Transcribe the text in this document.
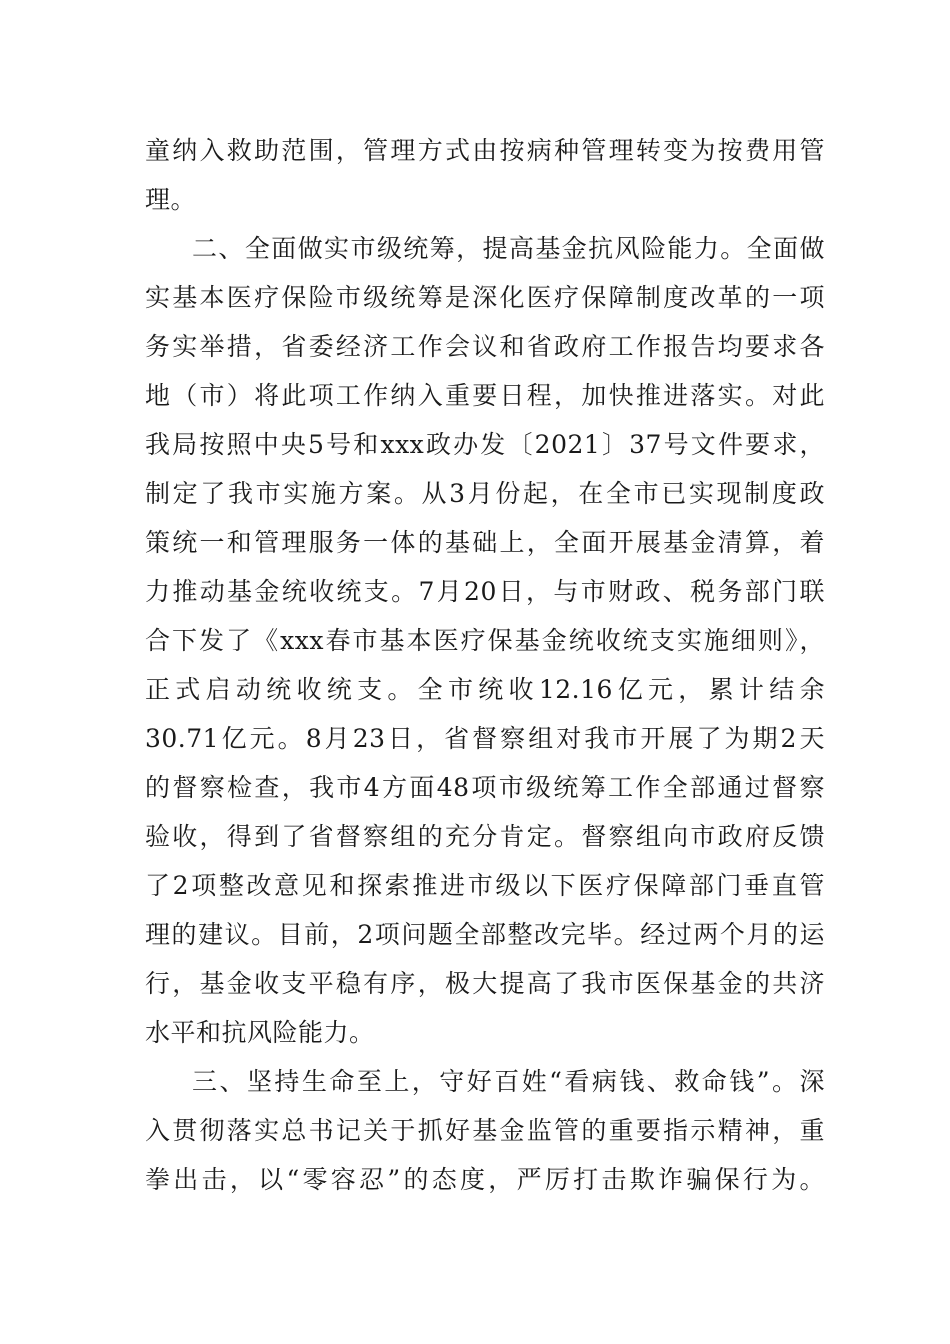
童纳入救助范围，管理方式由按病种管理转变为按费用管
理。
二、全面做实市级统筹，提高基金抗风险能力。全面做
实基本医疗保险市级统筹是深化医疗保障制度改革的一项
务实举措，省委经济工作会议和省政府工作报告均要求各
地（市）将此项工作纳入重要日程，加快推进落实。对此
我局按照中央5号和xxx政办发〔2021〕37号文件要求，
制定了我市实施方案。从3月份起，在全市已实现制度政
策统一和管理服务一体的基础上，全面开展基金清算，着
力推动基金统收统支。7月20日，与市财政、税务部门联
合下发了《xxx春市基本医疗保基金统收统支实施细则》，
正式启动统收统支。全市统收12.16亿元，累计结余
30.71亿元。8月23日，省督察组对我市开展了为期2天
的督察检查，我市4方面48项市级统筹工作全部通过督察
验收，得到了省督察组的充分肯定。督察组向市政府反馈
了2项整改意见和探索推进市级以下医疗保障部门垂直管
理的建议。目前，2项问题全部整改完毕。经过两个月的运
行，基金收支平稳有序，极大提高了我市医保基金的共济
水平和抗风险能力。
三、坚持生命至上，守好百姓“看病钱、救命钱”。深
入贯彻落实总书记关于抓好基金监管的重要指示精神，重
拳出击，以“零容忍”的态度，严厉打击欺诈骗保行为。
